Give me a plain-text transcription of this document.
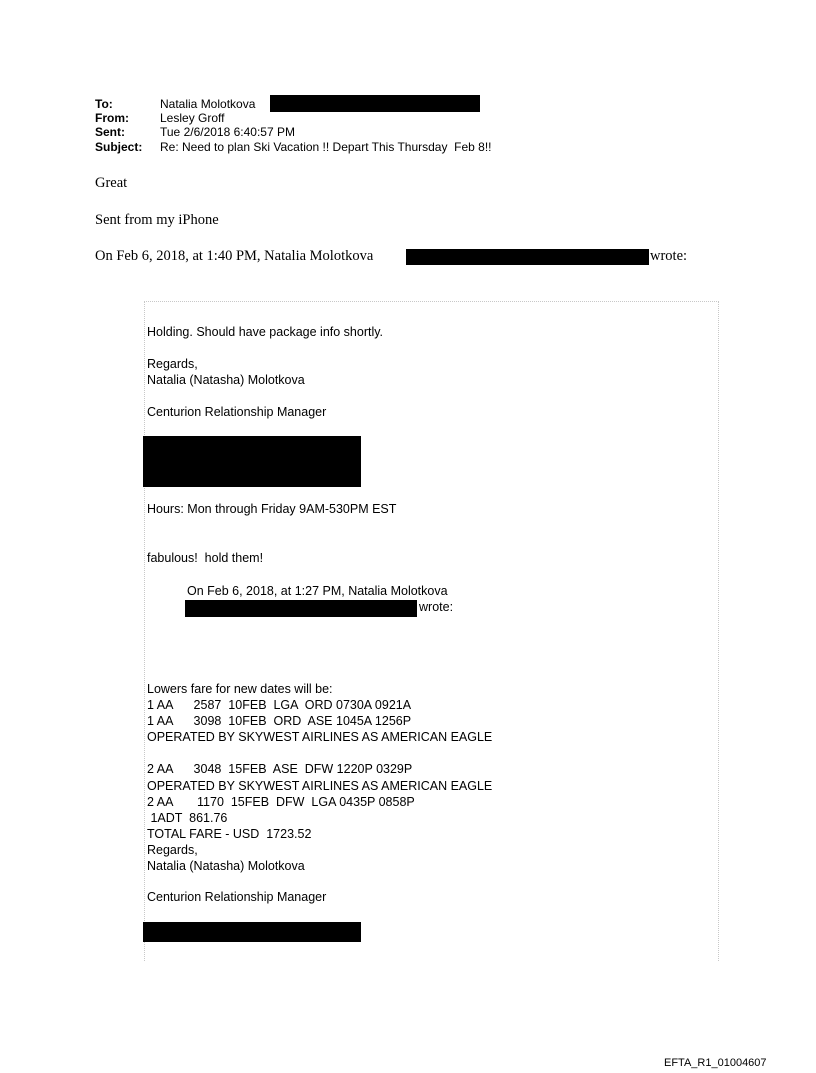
To:	Natalia Molotkova
From:	Lesley Groff
Sent:	Tue 2/6/2018 6:40:57 PM
Subject: Re: Need to plan Ski Vacation !! Depart This Thursday  Feb 8!!
Great
Sent from my iPhone
On Feb 6, 2018, at 1:40 PM, Natalia Molotkova	wrote:
Holding. Should have package info shortly.
Regards,
Natalia (Natasha) Molotkova
Centurion Relationship Manager
Hours: Mon through Friday 9AM-530PM EST
fabulous!  hold them!
On Feb 6, 2018, at 1:27 PM, Natalia Molotkova
wrote:
Lowers fare for new dates will be:
1 AA      2587  10FEB  LGA  ORD 0730A 0921A
1 AA      3098  10FEB  ORD  ASE 1045A 1256P
OPERATED BY SKYWEST AIRLINES AS AMERICAN EAGLE
2 AA      3048  15FEB  ASE  DFW 1220P 0329P
OPERATED BY SKYWEST AIRLINES AS AMERICAN EAGLE
2 AA       1170  15FEB  DFW  LGA 0435P 0858P
1ADT  861.76
TOTAL FARE - USD  1723.52
Regards,
Natalia (Natasha) Molotkova
Centurion Relationship Manager
EFTA_R1_01004607
